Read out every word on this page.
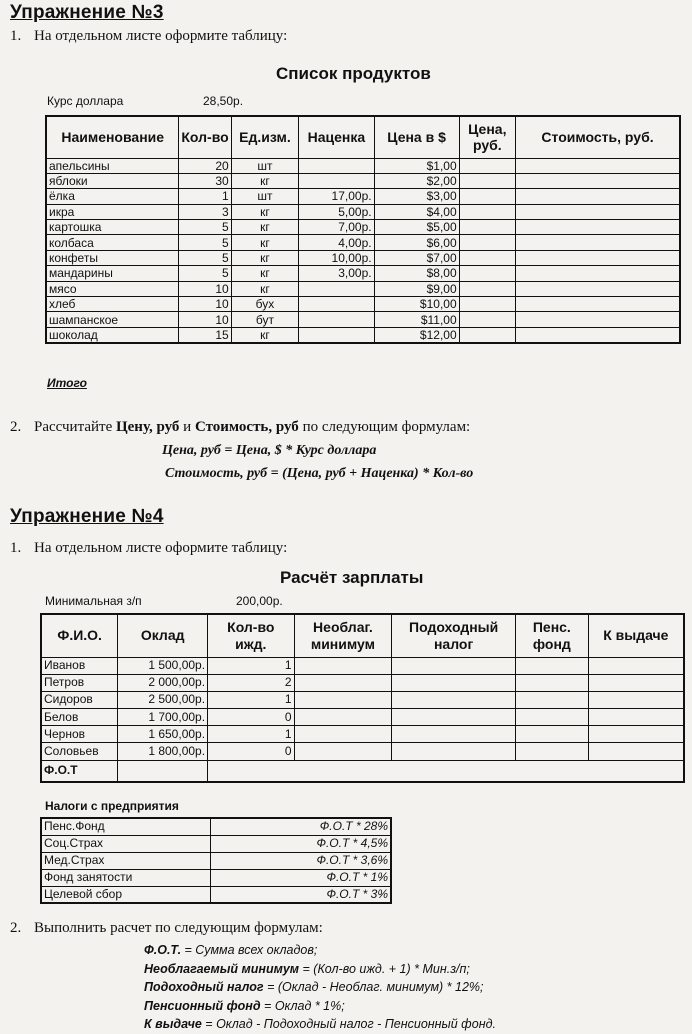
Упражнение №3
1. На отдельном листе оформите таблицу:
Список продуктов
Курс доллара	28,50р.
Наименование	Кол-во	Ед.изм.	Наценка	Цена в $	Цена, руб.	Стоимость, руб.
апельсины	20	шт		$1,00		
яблоки	30	кг		$2,00		
ёлка	1	шт	17,00р.	$3,00		
икра	3	кг	5,00р.	$4,00		
картошка	5	кг	7,00р.	$5,00		
колбаса	5	кг	4,00р.	$6,00		
конфеты	5	кг	10,00р.	$7,00		
мандарины	5	кг	3,00р.	$8,00		
мясо	10	кг		$9,00		
хлеб	10	бух		$10,00		
шампанское	10	бут		$11,00		
шоколад	15	кг		$12,00		
Итого
2. Рассчитайте Цену, руб и Стоимость, руб по следующим формулам:
Цена, руб = Цена, $ * Курс доллара
Стоимость, руб = (Цена, руб + Наценка) * Кол-во
Упражнение №4
1. На отдельном листе оформите таблицу:
Расчёт зарплаты
Минимальная з/п	200,00р.
Ф.И.О.	Оклад	Кол-во ижд.	Необлаг. минимум	Подоходный налог	Пенс. фонд	К выдаче
Иванов	1 500,00р.	1				
Петров	2 000,00р.	2				
Сидоров	2 500,00р.	1				
Белов	1 700,00р.	0				
Чернов	1 650,00р.	1				
Соловьев	1 800,00р.	0				
Ф.О.Т						
Налоги с предприятия
Пенс.Фонд	Ф.О.Т * 28%
Соц.Страх	Ф.О.Т * 4,5%
Мед.Страх	Ф.О.Т * 3,6%
Фонд занятости	Ф.О.Т * 1%
Целевой сбор	Ф.О.Т * 3%
2. Выполнить расчет по следующим формулам:
Ф.О.Т. = Сумма всех окладов;
Необлагаемый минимум = (Кол-во ижд. + 1) * Мин.з/п;
Подоходный налог = (Оклад - Необлаг. минимум) * 12%;
Пенсионный фонд = Оклад * 1%;
К выдаче = Оклад - Подоходный налог - Пенсионный фонд.
